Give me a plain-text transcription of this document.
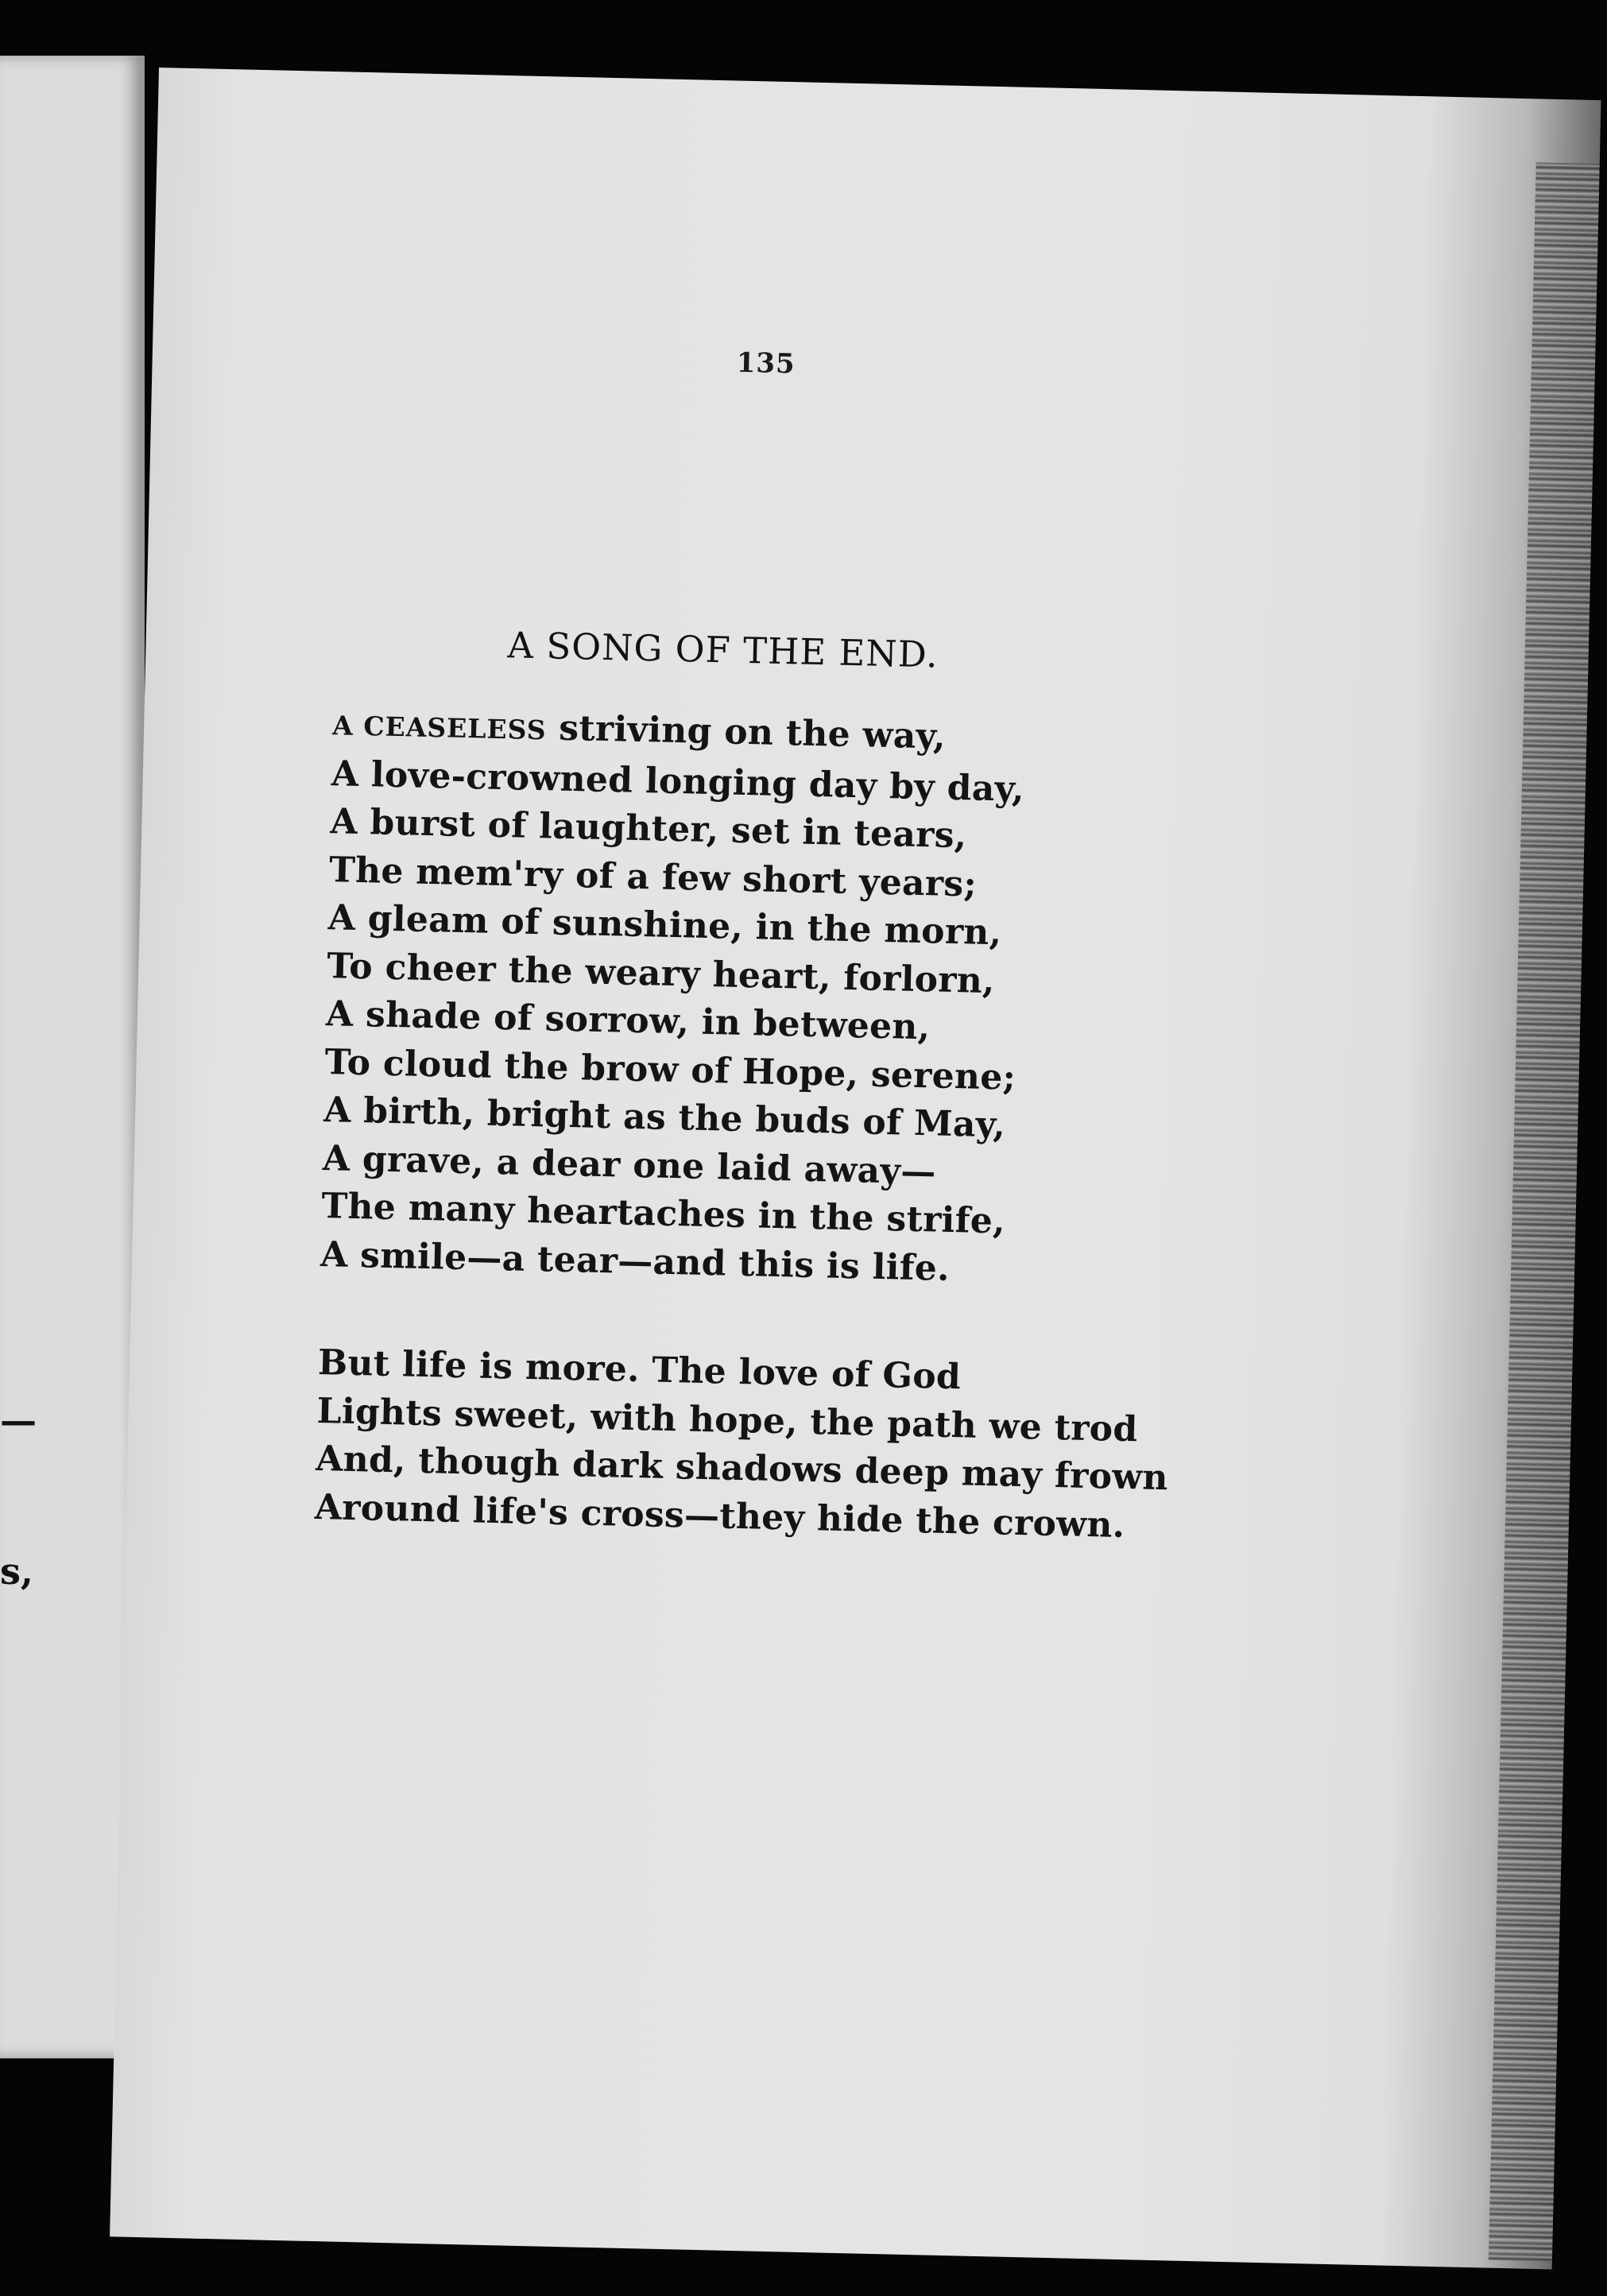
—
s,
135
A SONG OF THE END.
A CEASELESS striving on the way,
A love-crowned longing day by day,
A burst of laughter, set in tears,
The mem'ry of a few short years;
A gleam of sunshine, in the morn,
To cheer the weary heart, forlorn,
A shade of sorrow, in between,
To cloud the brow of Hope, serene;
A birth, bright as the buds of May,
A grave, a dear one laid away—
The many heartaches in the strife,
A smile—a tear—and this is life.
But life is more. The love of God
Lights sweet, with hope, the path we trod
And, though dark shadows deep may frown
Around life's cross—they hide the crown.
